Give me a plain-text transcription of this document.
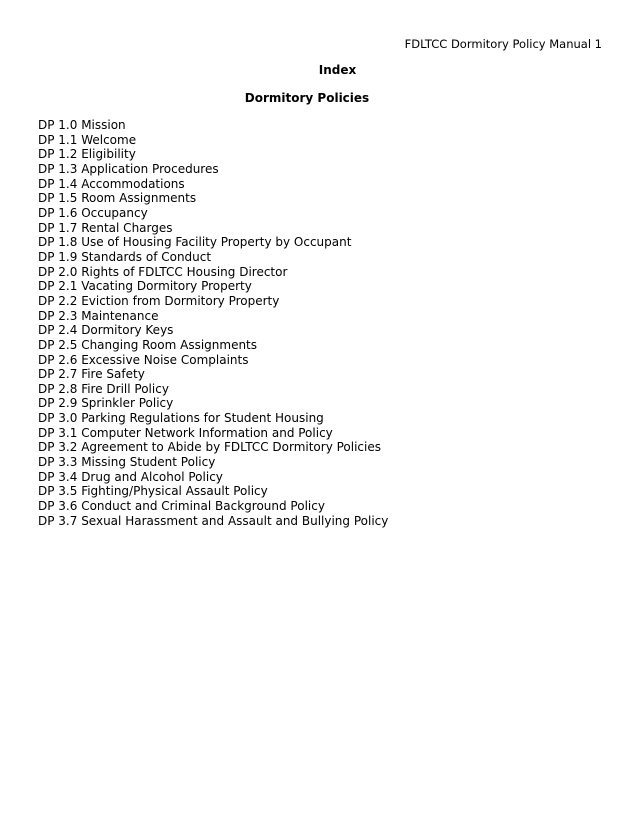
FDLTCC Dormitory Policy Manual 1
Index
Dormitory Policies
DP 1.0 Mission
DP 1.1 Welcome
DP 1.2 Eligibility
DP 1.3 Application Procedures
DP 1.4 Accommodations
DP 1.5 Room Assignments
DP 1.6 Occupancy
DP 1.7 Rental Charges
DP 1.8 Use of Housing Facility Property by Occupant
DP 1.9 Standards of Conduct
DP 2.0 Rights of FDLTCC Housing Director
DP 2.1 Vacating Dormitory Property
DP 2.2 Eviction from Dormitory Property
DP 2.3 Maintenance
DP 2.4 Dormitory Keys
DP 2.5 Changing Room Assignments
DP 2.6 Excessive Noise Complaints
DP 2.7 Fire Safety
DP 2.8 Fire Drill Policy
DP 2.9 Sprinkler Policy
DP 3.0 Parking Regulations for Student Housing
DP 3.1 Computer Network Information and Policy
DP 3.2 Agreement to Abide by FDLTCC Dormitory Policies
DP 3.3 Missing Student Policy
DP 3.4 Drug and Alcohol Policy
DP 3.5 Fighting/Physical Assault Policy
DP 3.6 Conduct and Criminal Background Policy
DP 3.7 Sexual Harassment and Assault and Bullying Policy
